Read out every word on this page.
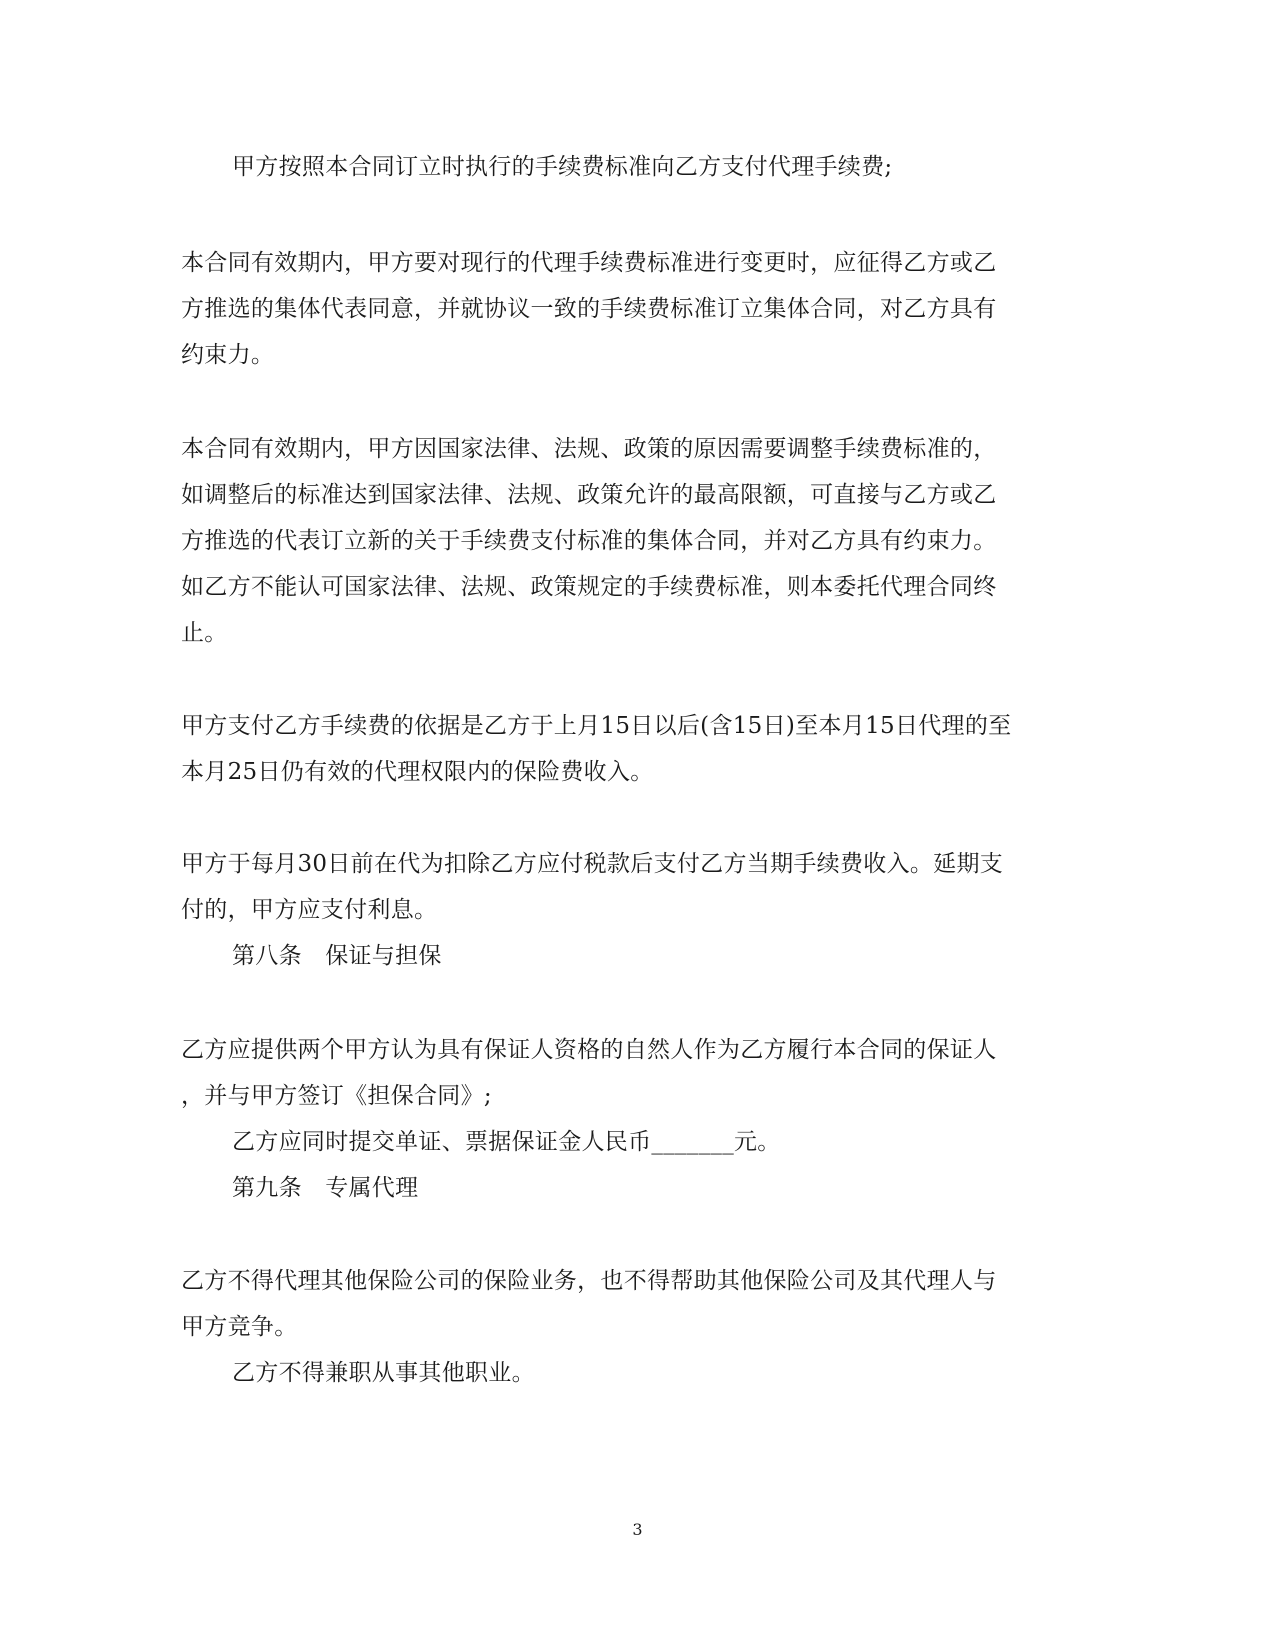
甲方按照本合同订立时执行的手续费标准向乙方支付代理手续费;
本合同有效期内，甲方要对现行的代理手续费标准进行变更时，应征得乙方或乙
方推选的集体代表同意，并就协议一致的手续费标准订立集体合同，对乙方具有
约束力。
本合同有效期内，甲方因国家法律、法规、政策的原因需要调整手续费标准的，
如调整后的标准达到国家法律、法规、政策允许的最高限额，可直接与乙方或乙
方推选的代表订立新的关于手续费支付标准的集体合同，并对乙方具有约束力。
如乙方不能认可国家法律、法规、政策规定的手续费标准，则本委托代理合同终
止。
甲方支付乙方手续费的依据是乙方于上月15日以后(含15日)至本月15日代理的至
本月25日仍有效的代理权限内的保险费收入。
甲方于每月30日前在代为扣除乙方应付税款后支付乙方当期手续费收入。延期支
付的，甲方应支付利息。
第八条　保证与担保
乙方应提供两个甲方认为具有保证人资格的自然人作为乙方履行本合同的保证人
，并与甲方签订《担保合同》;
乙方应同时提交单证、票据保证金人民币_______元。
第九条　专属代理
乙方不得代理其他保险公司的保险业务，也不得帮助其他保险公司及其代理人与
甲方竞争。
乙方不得兼职从事其他职业。
3
